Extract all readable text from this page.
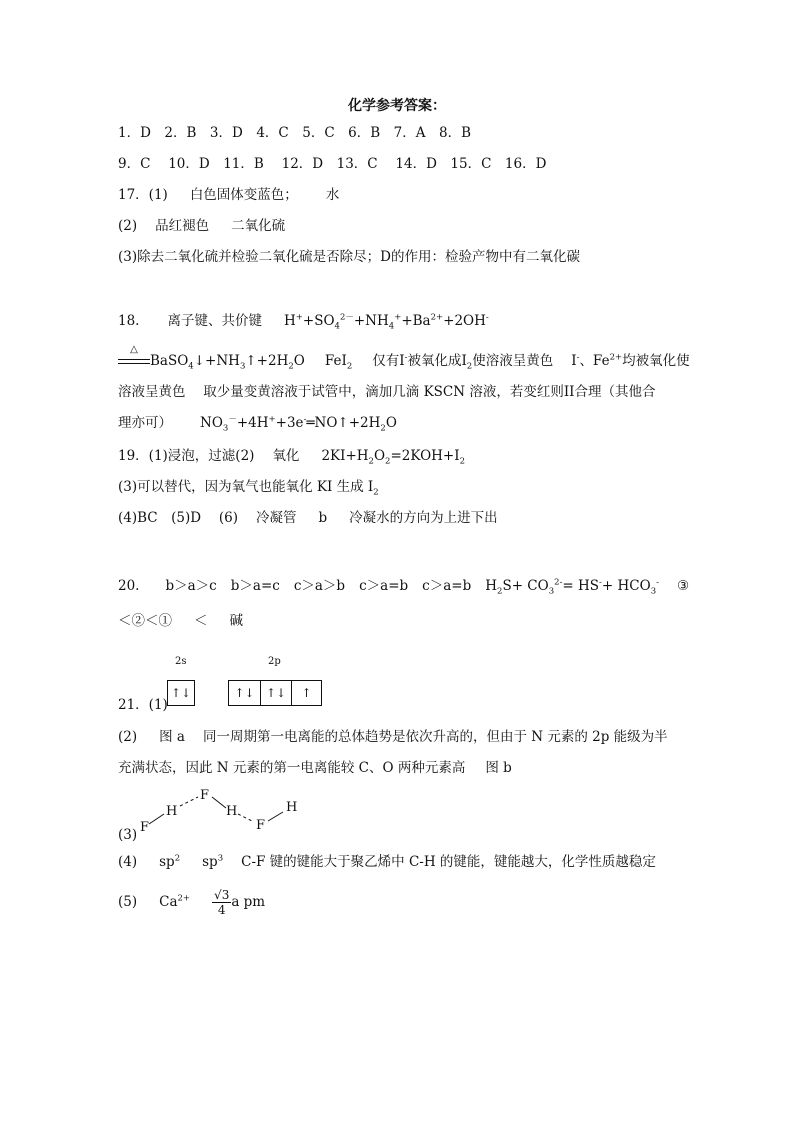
化学参考答案：
1．D　2．B　3．D　4．C　5．C　6．B　7．A　8．B
9．C　 10．D　11．B　 12．D　13．C　 14．D　15．C　16．D
17．(1) 白色固体变蓝色； 水
(2) 品红褪色 二氧化硫
(3)除去二氧化硫并检验二氧化硫是否除尽；D的作用：检验产物中有二氧化碳
18. 离子键、共价键 $H^++SO_4^{2-}+NH_4^++Ba^{2+}+2OH^-$
△
$BaSO_4↓+NH_3↑+2H_2O$ FeI$_2$ 仅有I-被氧化成$I_2$使溶液呈黄色 I-、$Fe^{2+}$均被氧化使
溶液呈黄色　 取少量变黄溶液于试管中，滴加几滴 KSCN 溶液，若变红则II合理（其他合
理亦可） $NO_3^-+4H^++3e^-═NO↑+2H_2O$
19．(1)浸泡，过滤(2) 氧化 $2KI+H_2O_2=2KOH+I_2$
(3)可以替代，因为氧气也能氧化 KI 生成 $I_2$
(4)BC　(5)D　 (6) 冷凝管 b 冷凝水的方向为上进下出
20. b＞a＞c b＞a=c c＞a＞b c＞a=b c＞a=b $H_2S+ CO_3^{2-}= HS^-+ HCO_3^-$ ③
＜②＜① ＜ 碱
2s	2p
↑↓	↑↓ ↑↓	↑
21．(1)
(2) 图 a 同一周期第一电离能的总体趋势是依次升高的，但由于 N 元素的 2p 能级为半
充满状态，因此 N 元素的第一电离能较 C、O 两种元素高 图 b
F
H
F
H
F
H
(3)
(4) $sp^2$ $sp^3$ C-F 键的键能大于聚乙烯中 C-H 的键能，键能越大，化学性质越稳定
(5) $Ca^{2+} \frac{√3}{4}$ a pm
